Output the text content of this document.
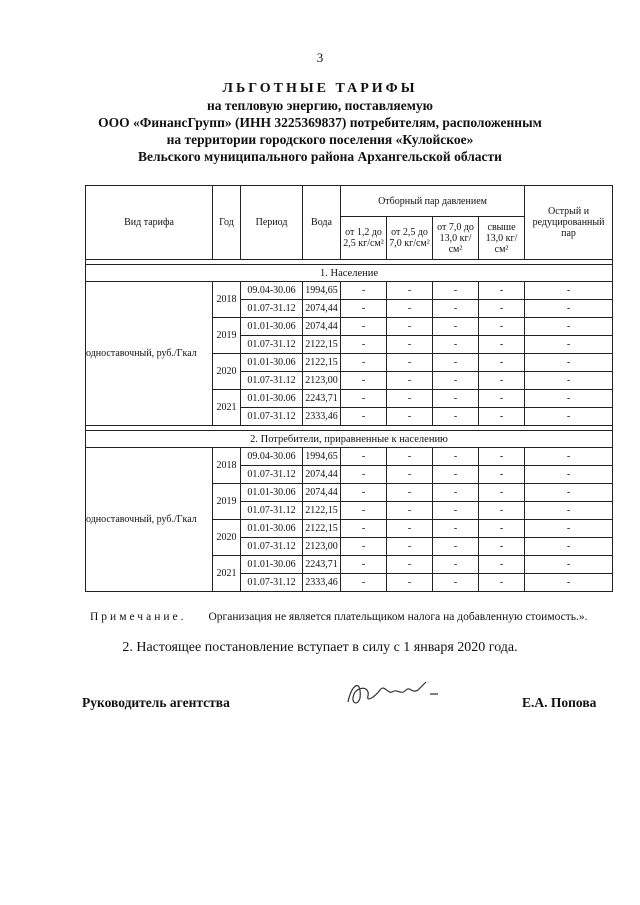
3
ЛЬГОТНЫЕ ТАРИФЫ
на тепловую энергию, поставляемую
ООО «ФинансГрупп» (ИНН 3225369837) потребителям, расположенным
на территории городского поселения «Кулойское»
Вельского муниципального района Архангельской области
Вид тарифа	Год	Период	Вода	Отборный пар давлением				Острый и редуцированный пар
				от 1,2 до 2,5 кг/см²	от 2,5 до 7,0 кг/см²	от 7,0 до 13,0 кг/см²	свыше 13,0 кг/см²	

1. Население								
одноставочный, руб./Гкал	2018	09.04-30.06	1994,65	-	-	-	-	-
		01.07-31.12	2074,44	-	-	-	-	-
	2019	01.01-30.06	2074,44	-	-	-	-	-
		01.07-31.12	2122,15	-	-	-	-	-
	2020	01.01-30.06	2122,15	-	-	-	-	-
		01.07-31.12	2123,00	-	-	-	-	-
	2021	01.01-30.06	2243,71	-	-	-	-	-
		01.07-31.12	2333,46	-	-	-	-	-

2. Потребители, приравненные к населению								
одноставочный, руб./Гкал	2018	09.04-30.06	1994,65	-	-	-	-	-
		01.07-31.12	2074,44	-	-	-	-	-
	2019	01.01-30.06	2074,44	-	-	-	-	-
		01.07-31.12	2122,15	-	-	-	-	-
	2020	01.01-30.06	2122,15	-	-	-	-	-
		01.07-31.12	2123,00	-	-	-	-	-
	2021	01.01-30.06	2243,71	-	-	-	-	-
		01.07-31.12	2333,46	-	-	-	-	-
Примечание. Организация не является плательщиком налога на добавленную стоимость.».
2. Настоящее постановление вступает в силу с 1 января 2020 года.
Руководитель агентства	Е.А. Попова
